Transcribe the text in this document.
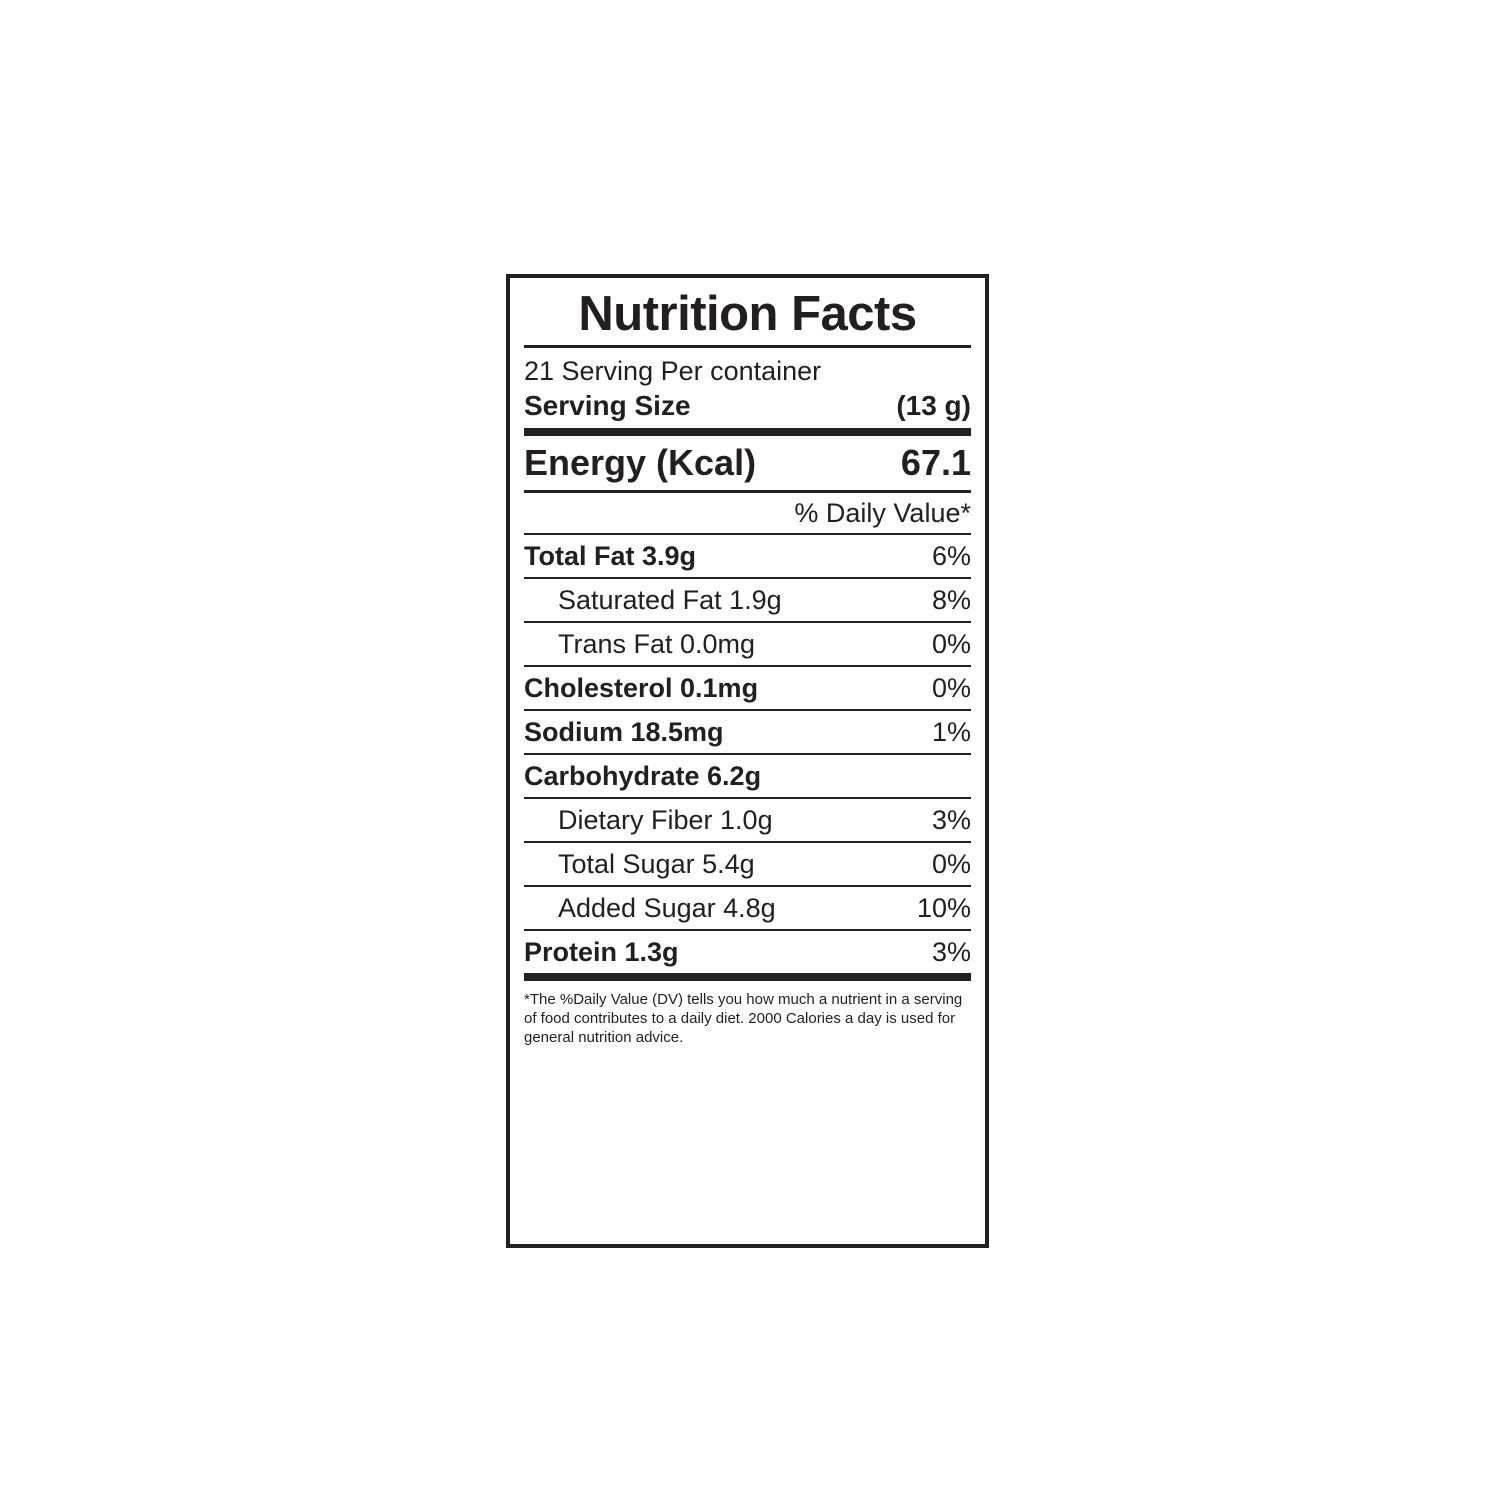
Nutrition Facts
21 Serving Per container
Serving Size	(13 g)
Energy (Kcal)	67.1
% Daily Value*
Total Fat 3.9g	6%
Saturated Fat 1.9g	8%
Trans Fat 0.0mg	0%
Cholesterol 0.1mg	0%
Sodium 18.5mg	1%
Carbohydrate 6.2g
Dietary Fiber 1.0g	3%
Total Sugar 5.4g	0%
Added Sugar 4.8g	10%
Protein 1.3g	3%
*The %Daily Value (DV) tells you how much a nutrient in a serving of food contributes to a daily diet. 2000 Calories a day is used for general nutrition advice.
